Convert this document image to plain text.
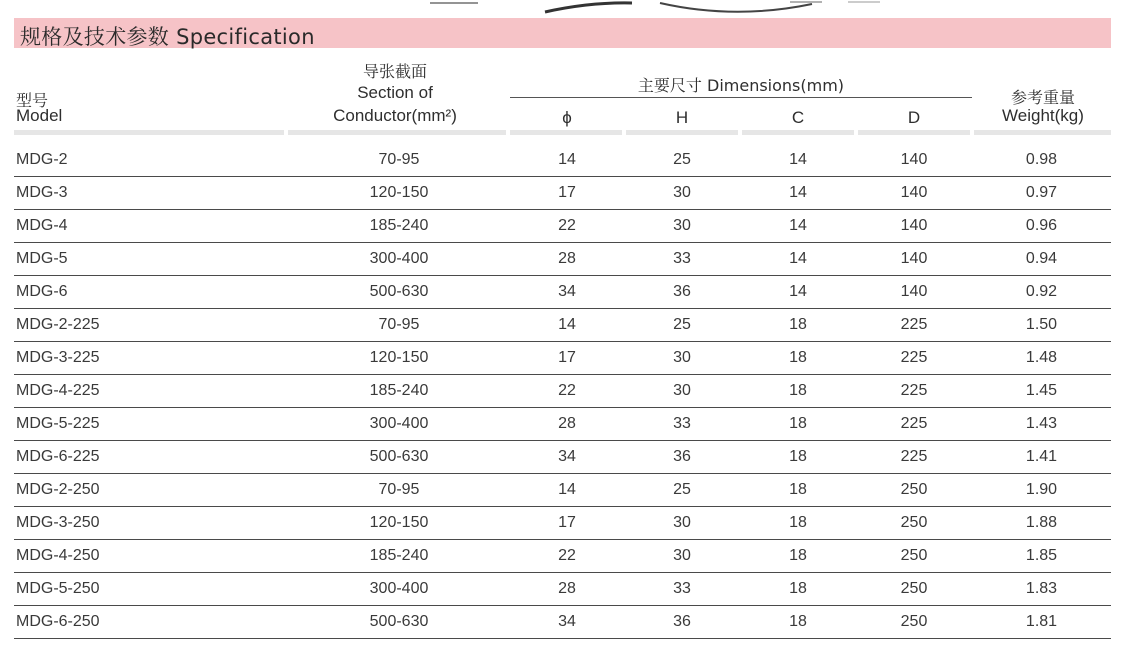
规格及技术参数 Specification
型号
Model
导张截面
Section of
Conductor(mm²)
主要尺寸 Dimensions(mm)
ϕ	H	C	D
参考重量
Weight(kg)
MDG-2	70-95	14	25	14	140	0.98
MDG-3	120-150	17	30	14	140	0.97
MDG-4	185-240	22	30	14	140	0.96
MDG-5	300-400	28	33	14	140	0.94
MDG-6	500-630	34	36	14	140	0.92
MDG-2-225	70-95	14	25	18	225	1.50
MDG-3-225	120-150	17	30	18	225	1.48
MDG-4-225	185-240	22	30	18	225	1.45
MDG-5-225	300-400	28	33	18	225	1.43
MDG-6-225	500-630	34	36	18	225	1.41
MDG-2-250	70-95	14	25	18	250	1.90
MDG-3-250	120-150	17	30	18	250	1.88
MDG-4-250	185-240	22	30	18	250	1.85
MDG-5-250	300-400	28	33	18	250	1.83
MDG-6-250	500-630	34	36	18	250	1.81
